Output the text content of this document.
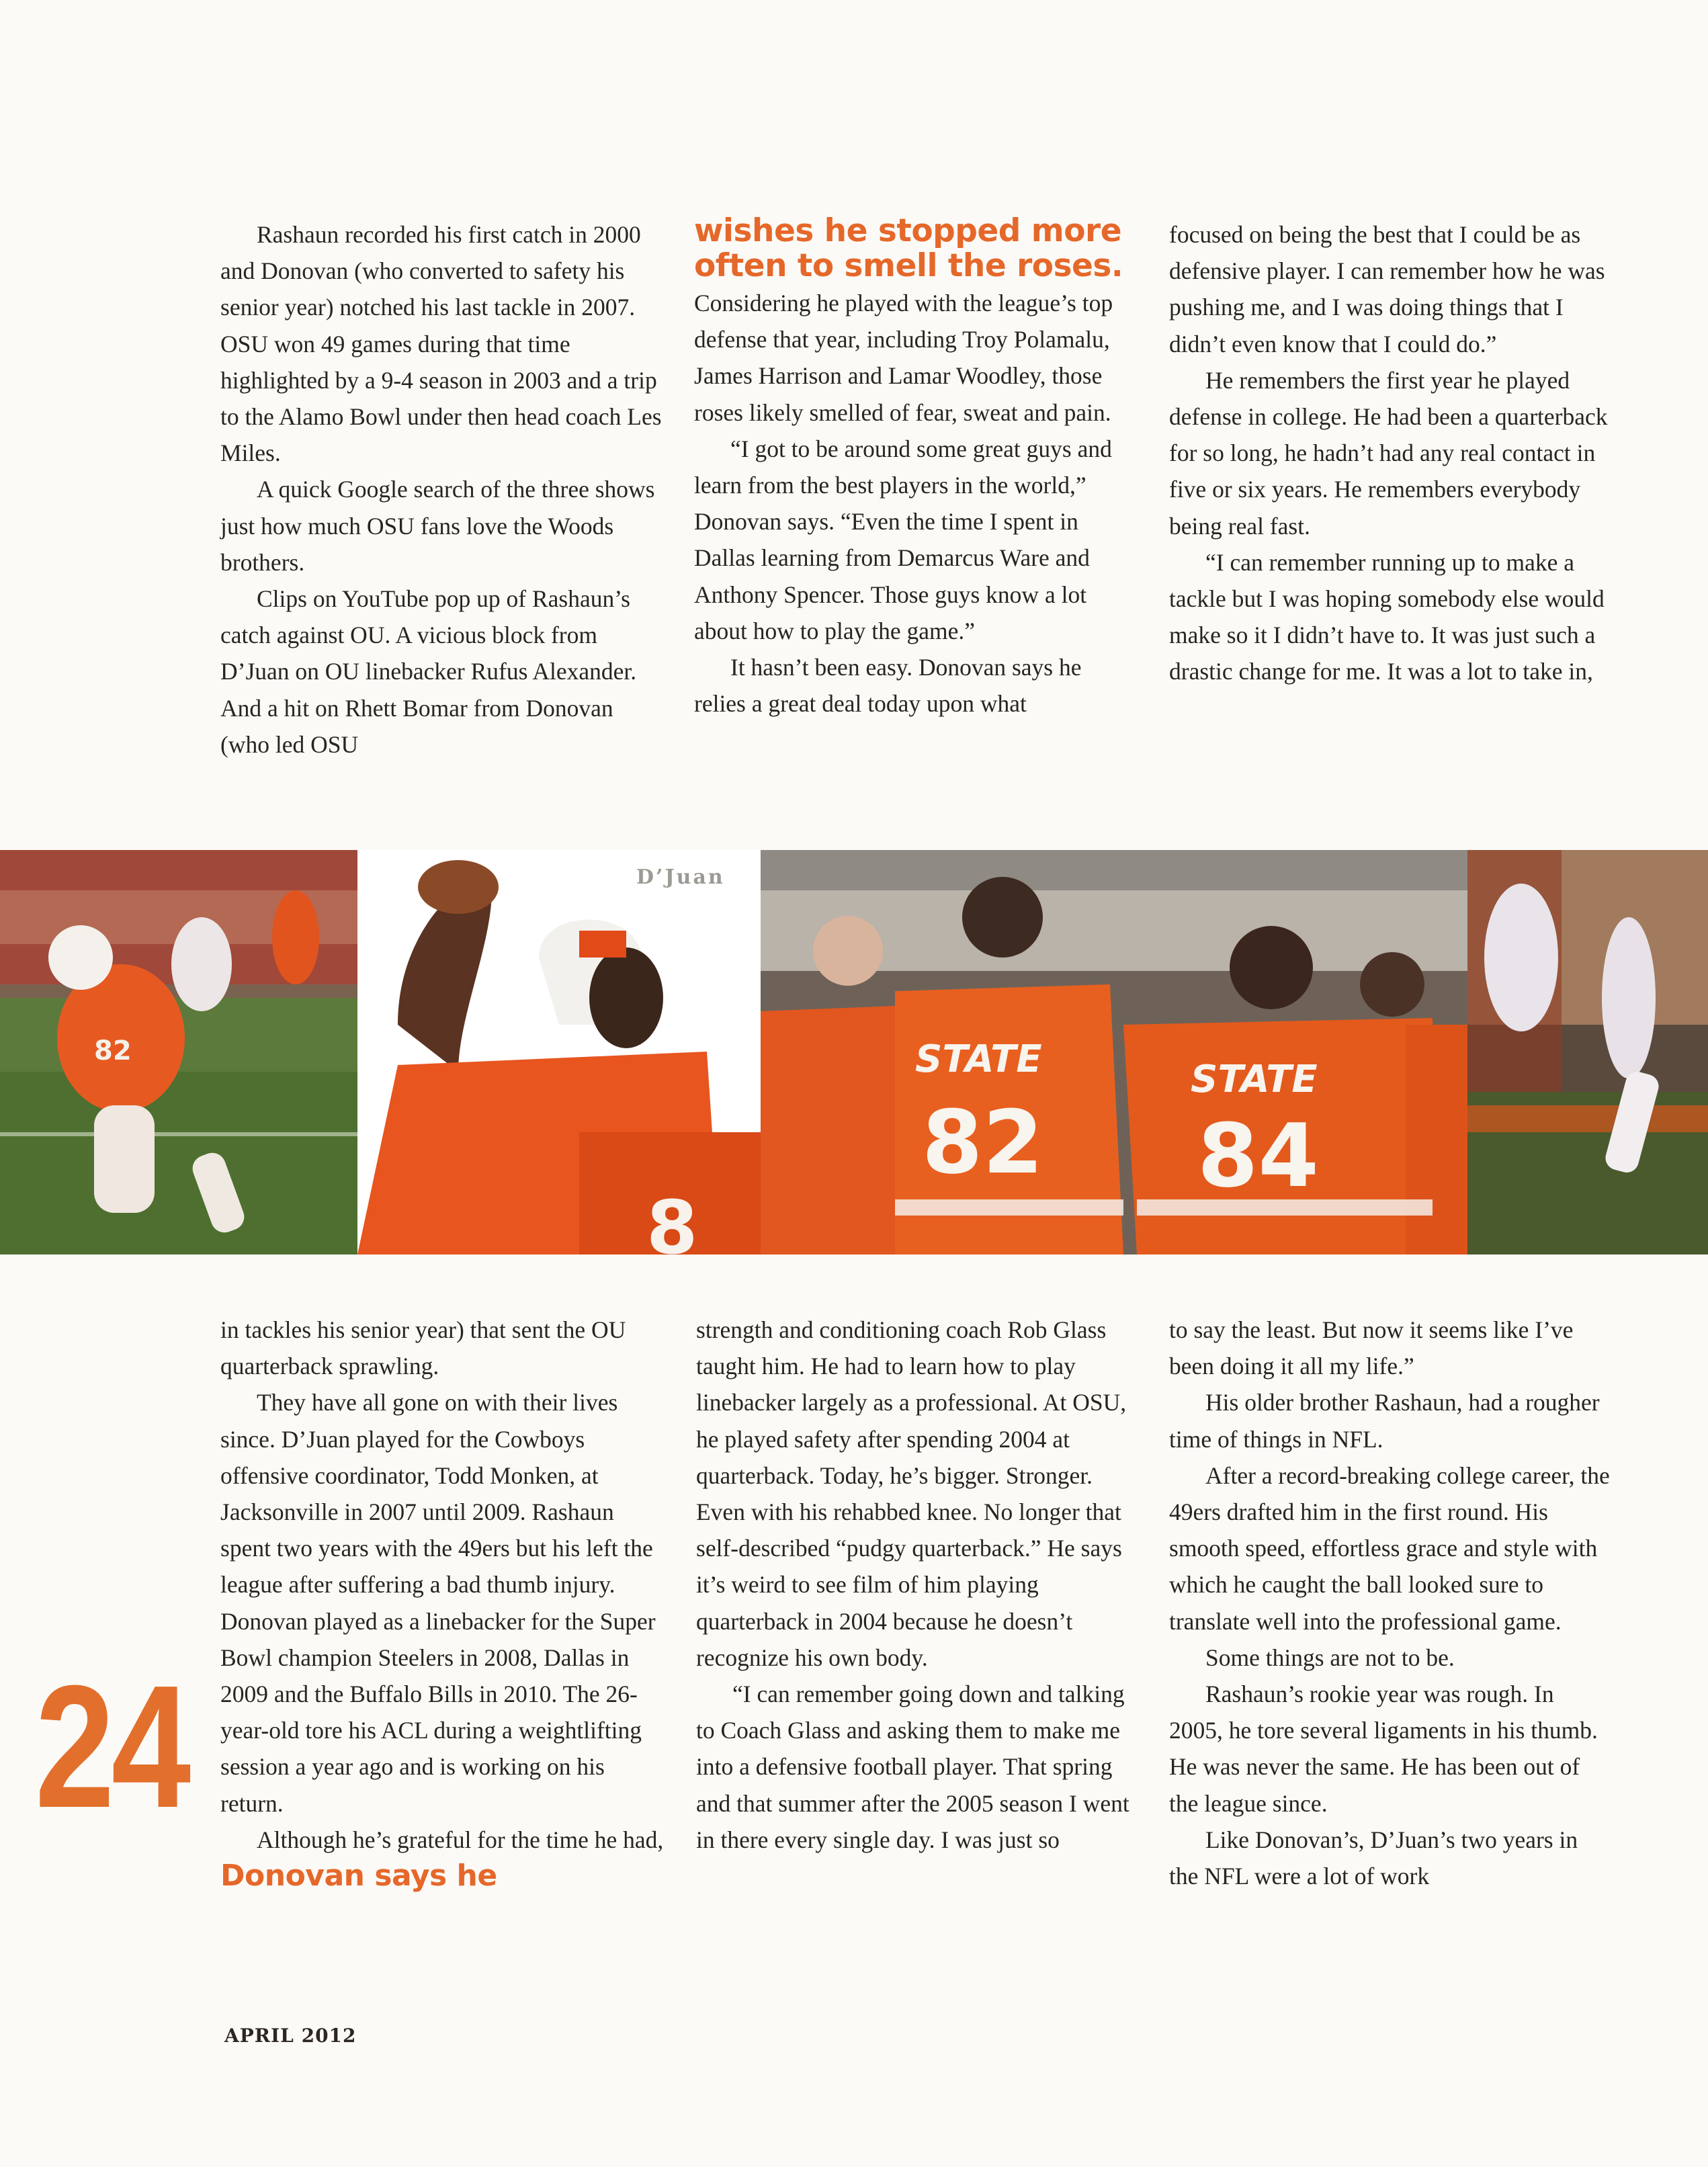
Rashaun recorded his first catch in 2000 and Donovan (who converted to safety his senior year) notched his last tackle in 2007. OSU won 49 games during that time highlighted by a 9-4 season in 2003 and a trip to the Alamo Bowl under then head coach Les Miles.

A quick Google search of the three shows just how much OSU fans love the Woods brothers.

Clips on YouTube pop up of Rashaun’s catch against OU. A vicious block from D’Juan on OU linebacker Rufus Alexander. And a hit on Rhett Bomar from Donovan (who led OSU

wishes he stopped more often to smell the roses.

Considering he played with the league’s top defense that year, including Troy Polamalu, James Harrison and Lamar Woodley, those roses likely smelled of fear, sweat and pain.

“I got to be around some great guys and learn from the best players in the world,” Donovan says. “Even the time I spent in Dallas learning from Demarcus Ware and Anthony Spencer. Those guys know a lot about how to play the game.”

It hasn’t been easy. Donovan says he relies a great deal today upon what

focused on being the best that I could be as defensive player. I can remember how he was pushing me, and I was doing things that I didn’t even know that I could do.”

He remembers the first year he played defense in college. He had been a quarterback for so long, he hadn’t had any real contact in five or six years. He remembers everybody being real fast.

“I can remember running up to make a tackle but I was hoping somebody else would make so it I didn’t have to. It was just such a drastic change for me. It was a lot to take in,

82
8
STATE
82
STATE
84
D’Juan

in tackles his senior year) that sent the OU quarterback sprawling.

They have all gone on with their lives since. D’Juan played for the Cowboys offensive coordinator, Todd Monken, at Jacksonville in 2007 until 2009. Rashaun spent two years with the 49ers but his left the league after suffering a bad thumb injury. Donovan played as a linebacker for the Super Bowl champion Steelers in 2008, Dallas in 2009 and the Buffalo Bills in 2010. The 26-year-old tore his ACL during a weightlifting session a year ago and is working on his return.

Although he’s grateful for the time he had, Donovan says he

strength and conditioning coach Rob Glass taught him. He had to learn how to play linebacker largely as a professional. At OSU, he played safety after spending 2004 at quarterback. Today, he’s bigger. Stronger. Even with his rehabbed knee. No longer that self-described “pudgy quarterback.” He says it’s weird to see film of him playing quarterback in 2004 because he doesn’t recognize his own body.

“I can remember going down and talking to Coach Glass and asking them to make me into a defensive football player. That spring and that summer after the 2005 season I went in there every single day. I was just so

to say the least. But now it seems like I’ve been doing it all my life.”

His older brother Rashaun, had a rougher time of things in NFL.

After a record-breaking college career, the 49ers drafted him in the first round. His smooth speed, effortless grace and style with which he caught the ball looked sure to translate well into the professional game.

Some things are not to be.

Rashaun’s rookie year was rough. In 2005, he tore several ligaments in his thumb. He was never the same. He has been out of the league since.

Like Donovan’s, D’Juan’s two years in the NFL were a lot of work

24
APRIL 2012
